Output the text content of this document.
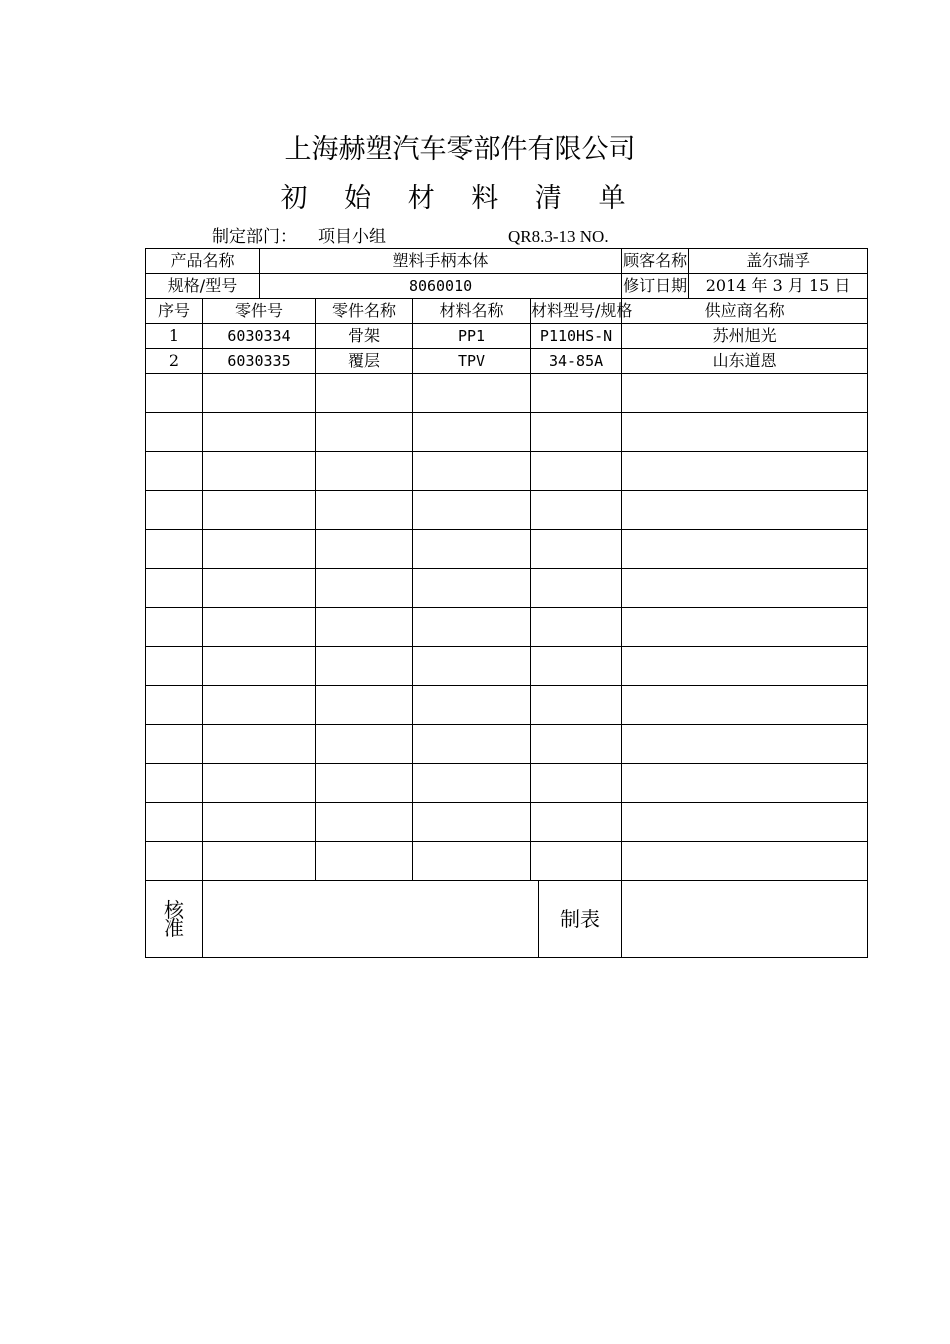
上海赫塑汽车零部件有限公司
初 始 材 料 清 单
制定部门： 项目小组	QR8.3-13 NO.
产品名称		塑料手柄本体					顾客名称	盖尔瑞孚
规格/型号		8060010					修订日期	2014 年 3 月 15 日
序号	零件号		零件名称	材料名称	材料型号/规格		供应商名称	
1	6030334		骨架	PP1	P110HS-N		苏州旭光	
2	6030335		覆层	TPV	34-85A		山东道恩	

核
准						制表		
